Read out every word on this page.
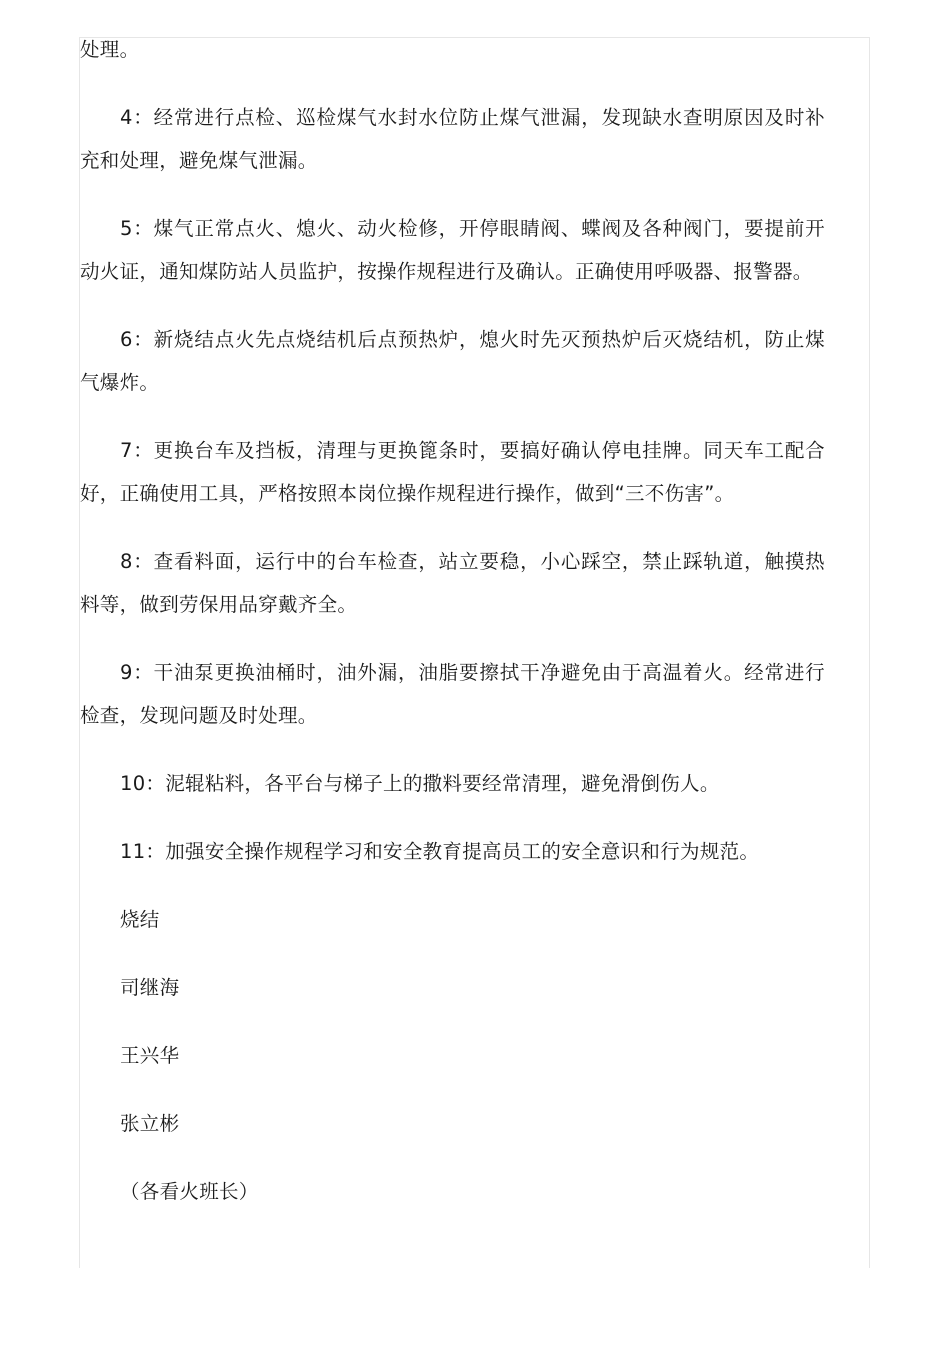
处理。

4：经常进行点检、巡检煤气水封水位防止煤气泄漏，发现缺水查明原因及时补充和处理，避免煤气泄漏。

5：煤气正常点火、熄火、动火检修，开停眼睛阀、蝶阀及各种阀门，要提前开动火证，通知煤防站人员监护，按操作规程进行及确认。正确使用呼吸器、报警器。

6：新烧结点火先点烧结机后点预热炉，熄火时先灭预热炉后灭烧结机，防止煤气爆炸。

7：更换台车及挡板，清理与更换篦条时，要搞好确认停电挂牌。同天车工配合好，正确使用工具，严格按照本岗位操作规程进行操作，做到“三不伤害”。

8：查看料面，运行中的台车检查，站立要稳，小心踩空，禁止踩轨道，触摸热料等，做到劳保用品穿戴齐全。

9：干油泵更换油桶时，油外漏，油脂要擦拭干净避免由于高温着火。经常进行检查，发现问题及时处理。

10：泥辊粘料，各平台与梯子上的撒料要经常清理，避免滑倒伤人。

11：加强安全操作规程学习和安全教育提高员工的安全意识和行为规范。

烧结

司继海

王兴华

张立彬

（各看火班长）
